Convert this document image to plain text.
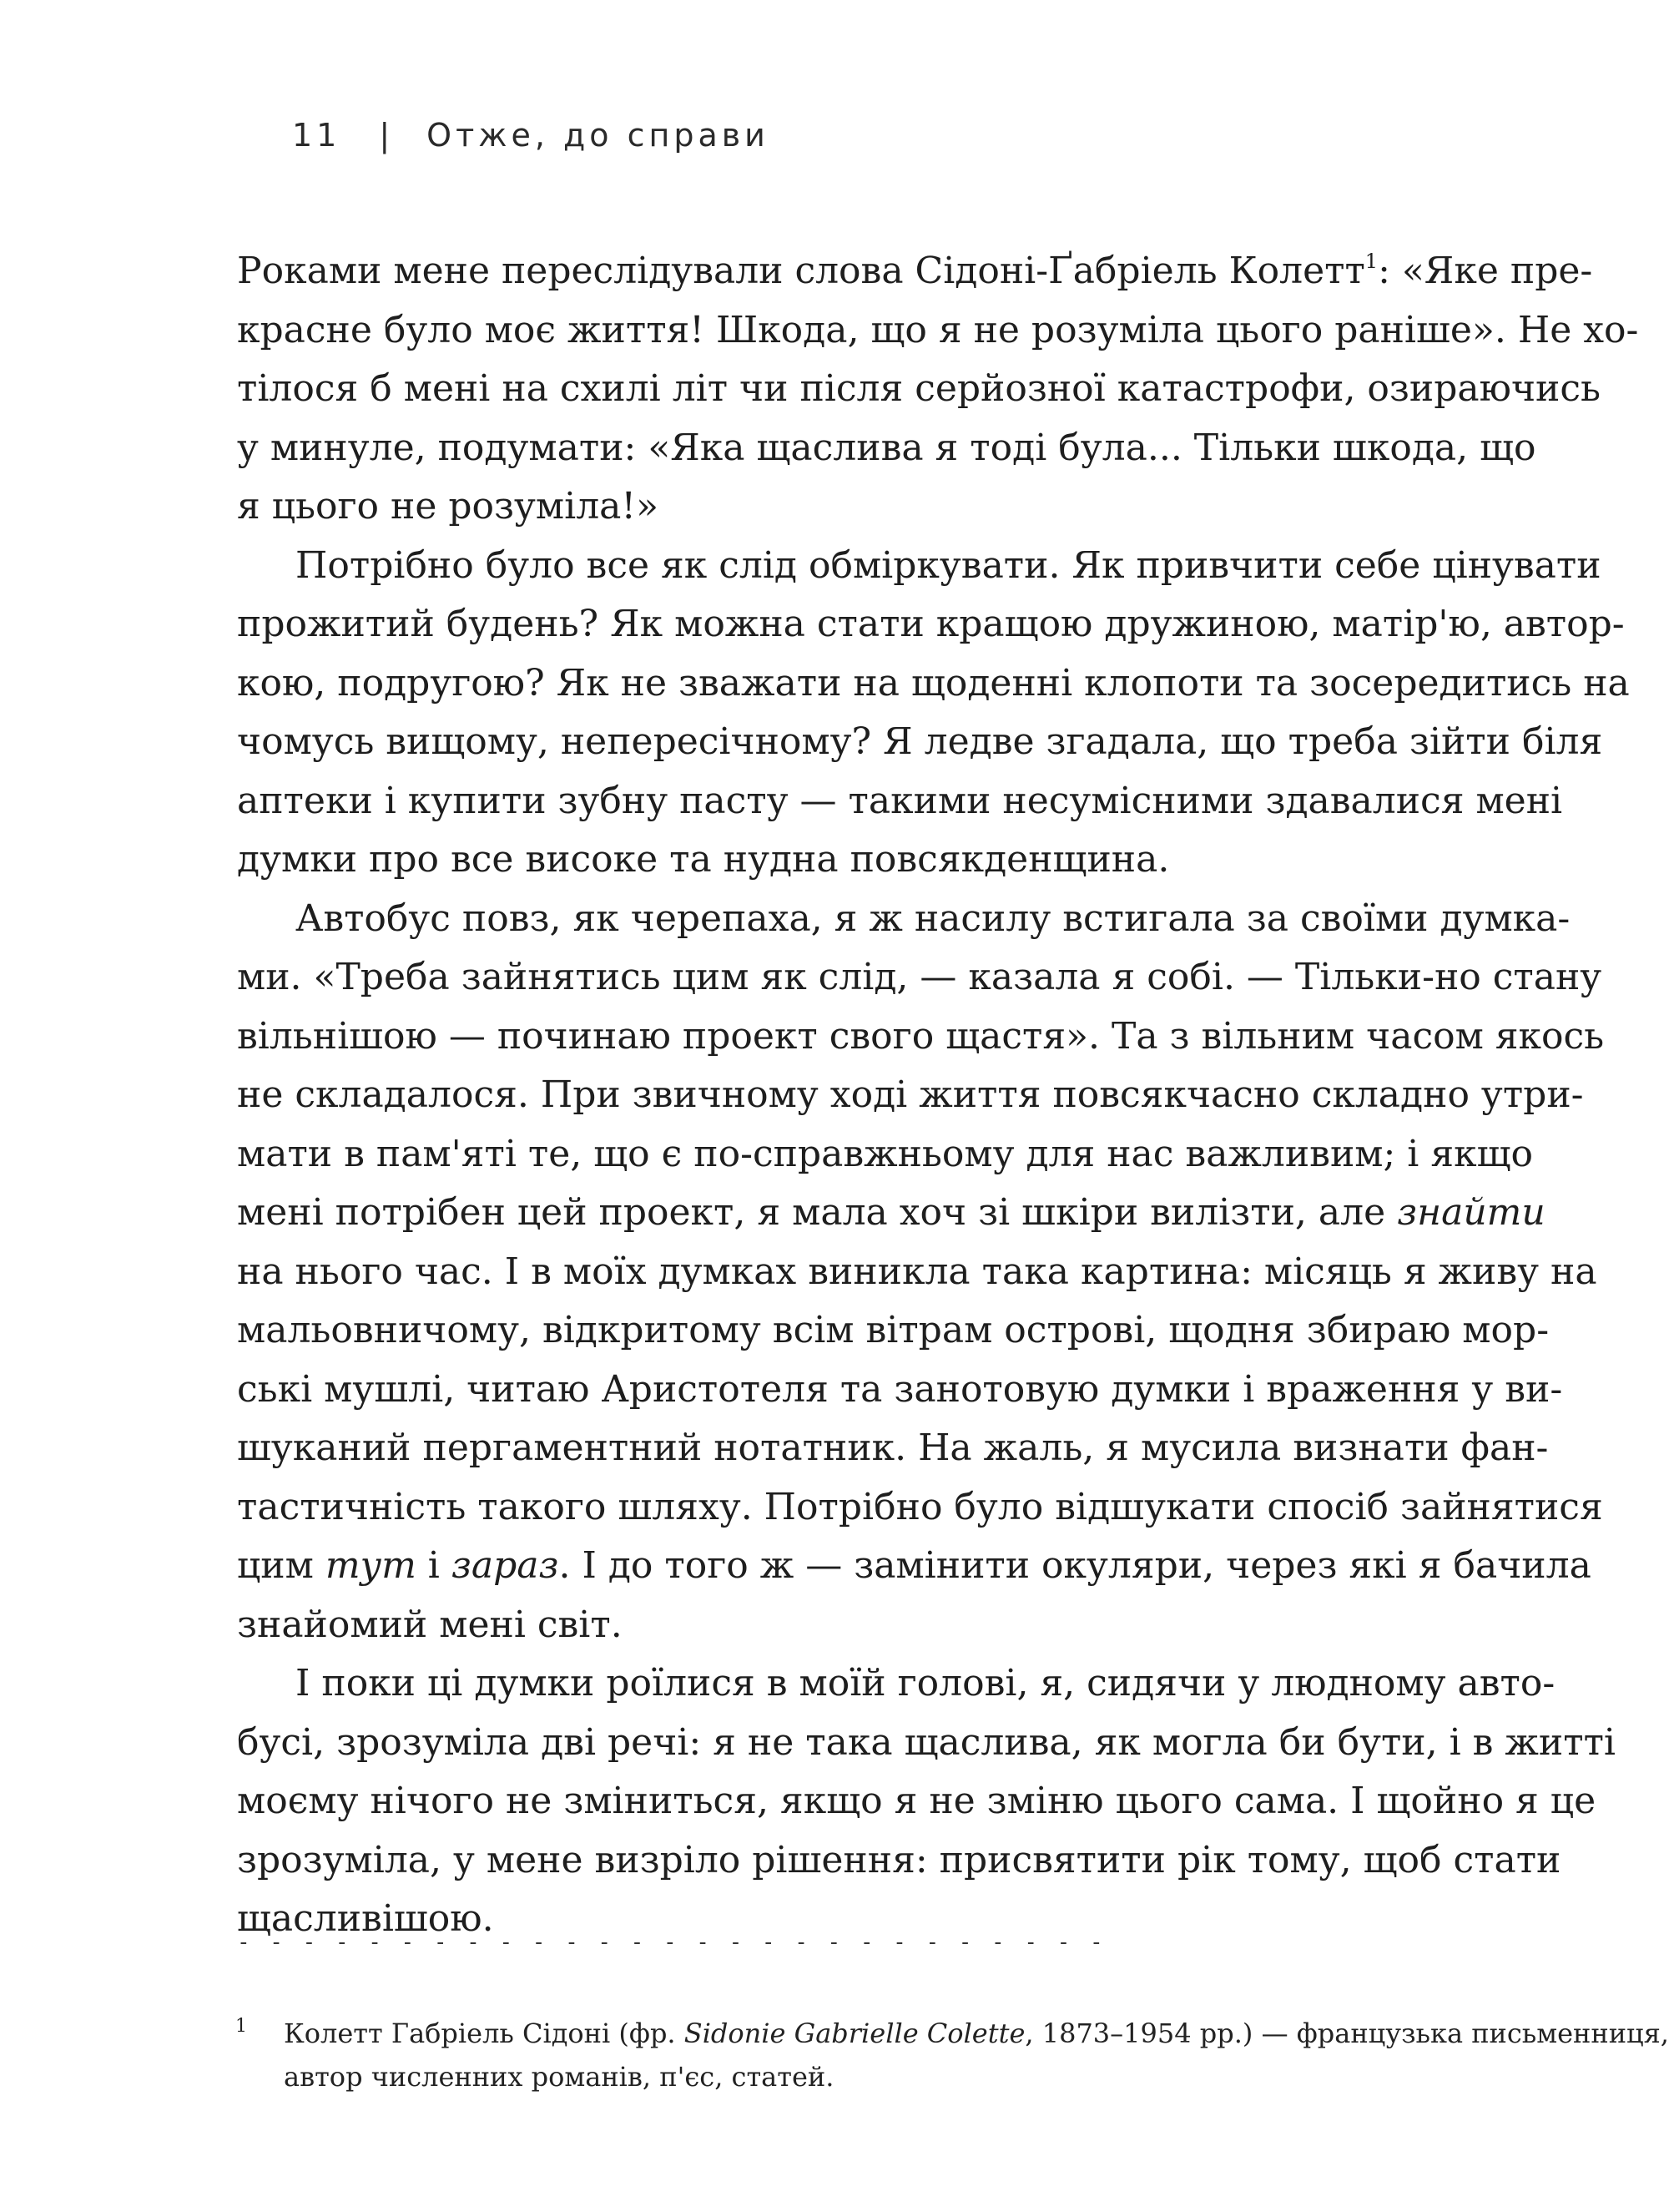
11 | Отже, до справи

Роками мене переслідували слова Сідоні-Ґабріель Колетт$^1$: «Яке пре-
красне було моє життя! Шкода, що я не розуміла цього раніше». Не хо-
тілося б мені на схилі літ чи після серйозної катастрофи, озираючись
у минуле, подумати: «Яка щаслива я тоді була... Тільки шкода, що
я цього не розуміла!»

Потрібно було все як слід обміркувати. Як привчити себе цінувати
прожитий будень? Як можна стати кращою дружиною, матір'ю, автор-
кою, подругою? Як не зважати на щоденні клопоти та зосередитись на
чомусь вищому, непересічному? Я ледве згадала, що треба зійти біля
аптеки і купити зубну пасту — такими несумісними здавалися мені
думки про все високе та нудна повсякденщина.

Автобус повз, як черепаха, я ж насилу встигала за своїми думка-
ми. «Треба зайнятись цим як слід, — казала я собі. — Тільки-но стану
вільнішою — починаю проект свого щастя». Та з вільним часом якось
не складалося. При звичному ході життя повсякчасно складно утри-
мати в пам'яті те, що є по-справжньому для нас важливим; і якщо
мені потрібен цей проект, я мала хоч зі шкіри вилізти, але знайти
на нього час. І в моїх думках виникла така картина: місяць я живу на
мальовничому, відкритому всім вітрам острові, щодня збираю мор-
ські мушлі, читаю Аристотеля та занотовую думки і враження у ви-
шуканий пергаментний нотатник. На жаль, я мусила визнати фан-
тастичність такого шляху. Потрібно було відшукати спосіб зайнятися
цим тут і зараз. І до того ж — замінити окуляри, через які я бачила
знайомий мені світ.

І поки ці думки роїлися в моїй голові, я, сидячи у людному авто-
бусі, зрозуміла дві речі: я не така щаслива, як могла би бути, і в житті
моєму нічого не зміниться, якщо я не зміню цього сама. І щойно я це
зрозуміла, у мене визріло рішення: присвятити рік тому, щоб стати
щасливішою.

- - - - - - - - - - - - - - - - - - - - - - - - - - -
1	Колетт Габріель Сідоні (фр. Sidonie Gabrielle Colette, 1873–1954 рр.) — французька письменниця,
автор численних романів, п'єс, статей.
